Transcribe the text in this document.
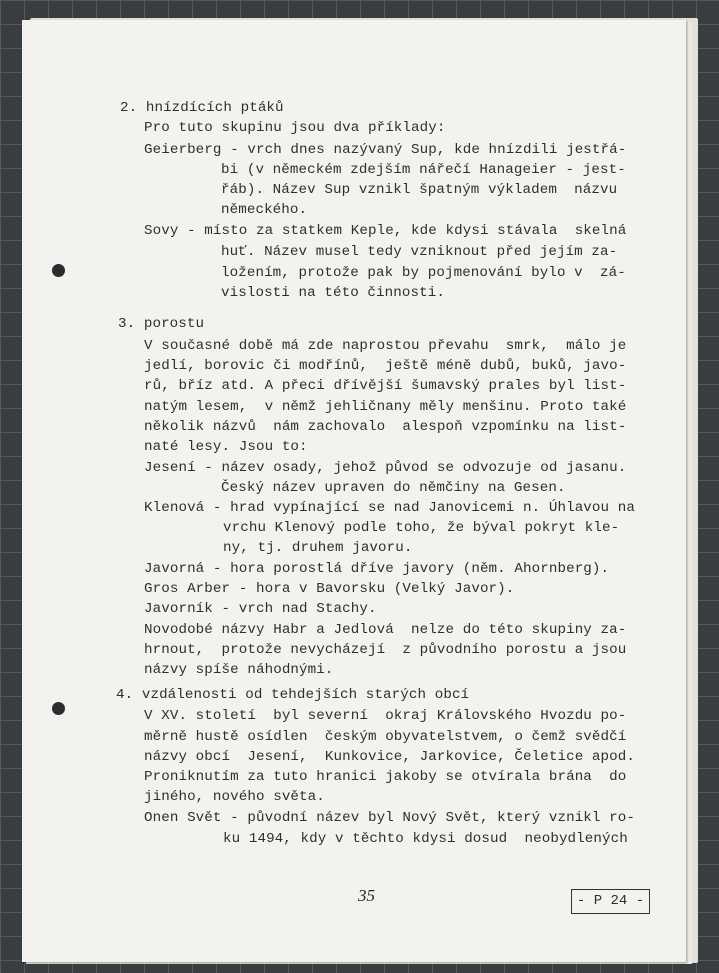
2. hnízdících ptáků
Pro tuto skupinu jsou dva příklady:
Geierberg - vrch dnes nazývaný Sup, kde hnízdili jestřá-
bi (v německém zdejším nářečí Hanageier - jest-
řáb). Název Sup vznikl špatným výkladem  názvu
německého.
Sovy - místo za statkem Keple, kde kdysi stávala  skelná
huť. Název musel tedy vzniknout před jejím za-
ložením, protože pak by pojmenování bylo v  zá-
vislosti na této činnosti.
3. porostu
V současné době má zde naprostou převahu  smrk,  málo je
jedlí, borovic či modřínů,  ještě méně dubů, buků, javo-
rů, bříz atd. A přeci dřívější šumavský prales byl list-
natým lesem,  v němž jehličnany měly menšinu. Proto také
několik názvů  nám zachovalo  alespoň vzpomínku na list-
naté lesy. Jsou to:
Jesení - název osady, jehož původ se odvozuje od jasanu.
Český název upraven do němčiny na Gesen.
Klenová - hrad vypínající se nad Janovicemi n. Úhlavou na
vrchu Klenový podle toho, že býval pokryt kle-
ny, tj. druhem javoru.
Javorná - hora porostlá dříve javory (něm. Ahornberg).
Gros Arber - hora v Bavorsku (Velký Javor).
Javorník - vrch nad Stachy.
Novodobé názvy Habr a Jedlová  nelze do této skupiny za-
hrnout,  protože nevycházejí  z původního porostu a jsou
názvy spíše náhodnými.
4. vzdálenosti od tehdejších starých obcí
V XV. století  byl severní  okraj Královského Hvozdu po-
měrně hustě osídlen  českým obyvatelstvem, o čemž svědčí
názvy obcí  Jesení,  Kunkovice, Jarkovice, Čeletice apod.
Proniknutím za tuto hranici jakoby se otvírala brána  do
jiného, nového světa.
Onen Svět - původní název byl Nový Svět, který vznikl ro-
ku 1494, kdy v těchto kdysi dosud  neobydlených
35	- P 24 -
